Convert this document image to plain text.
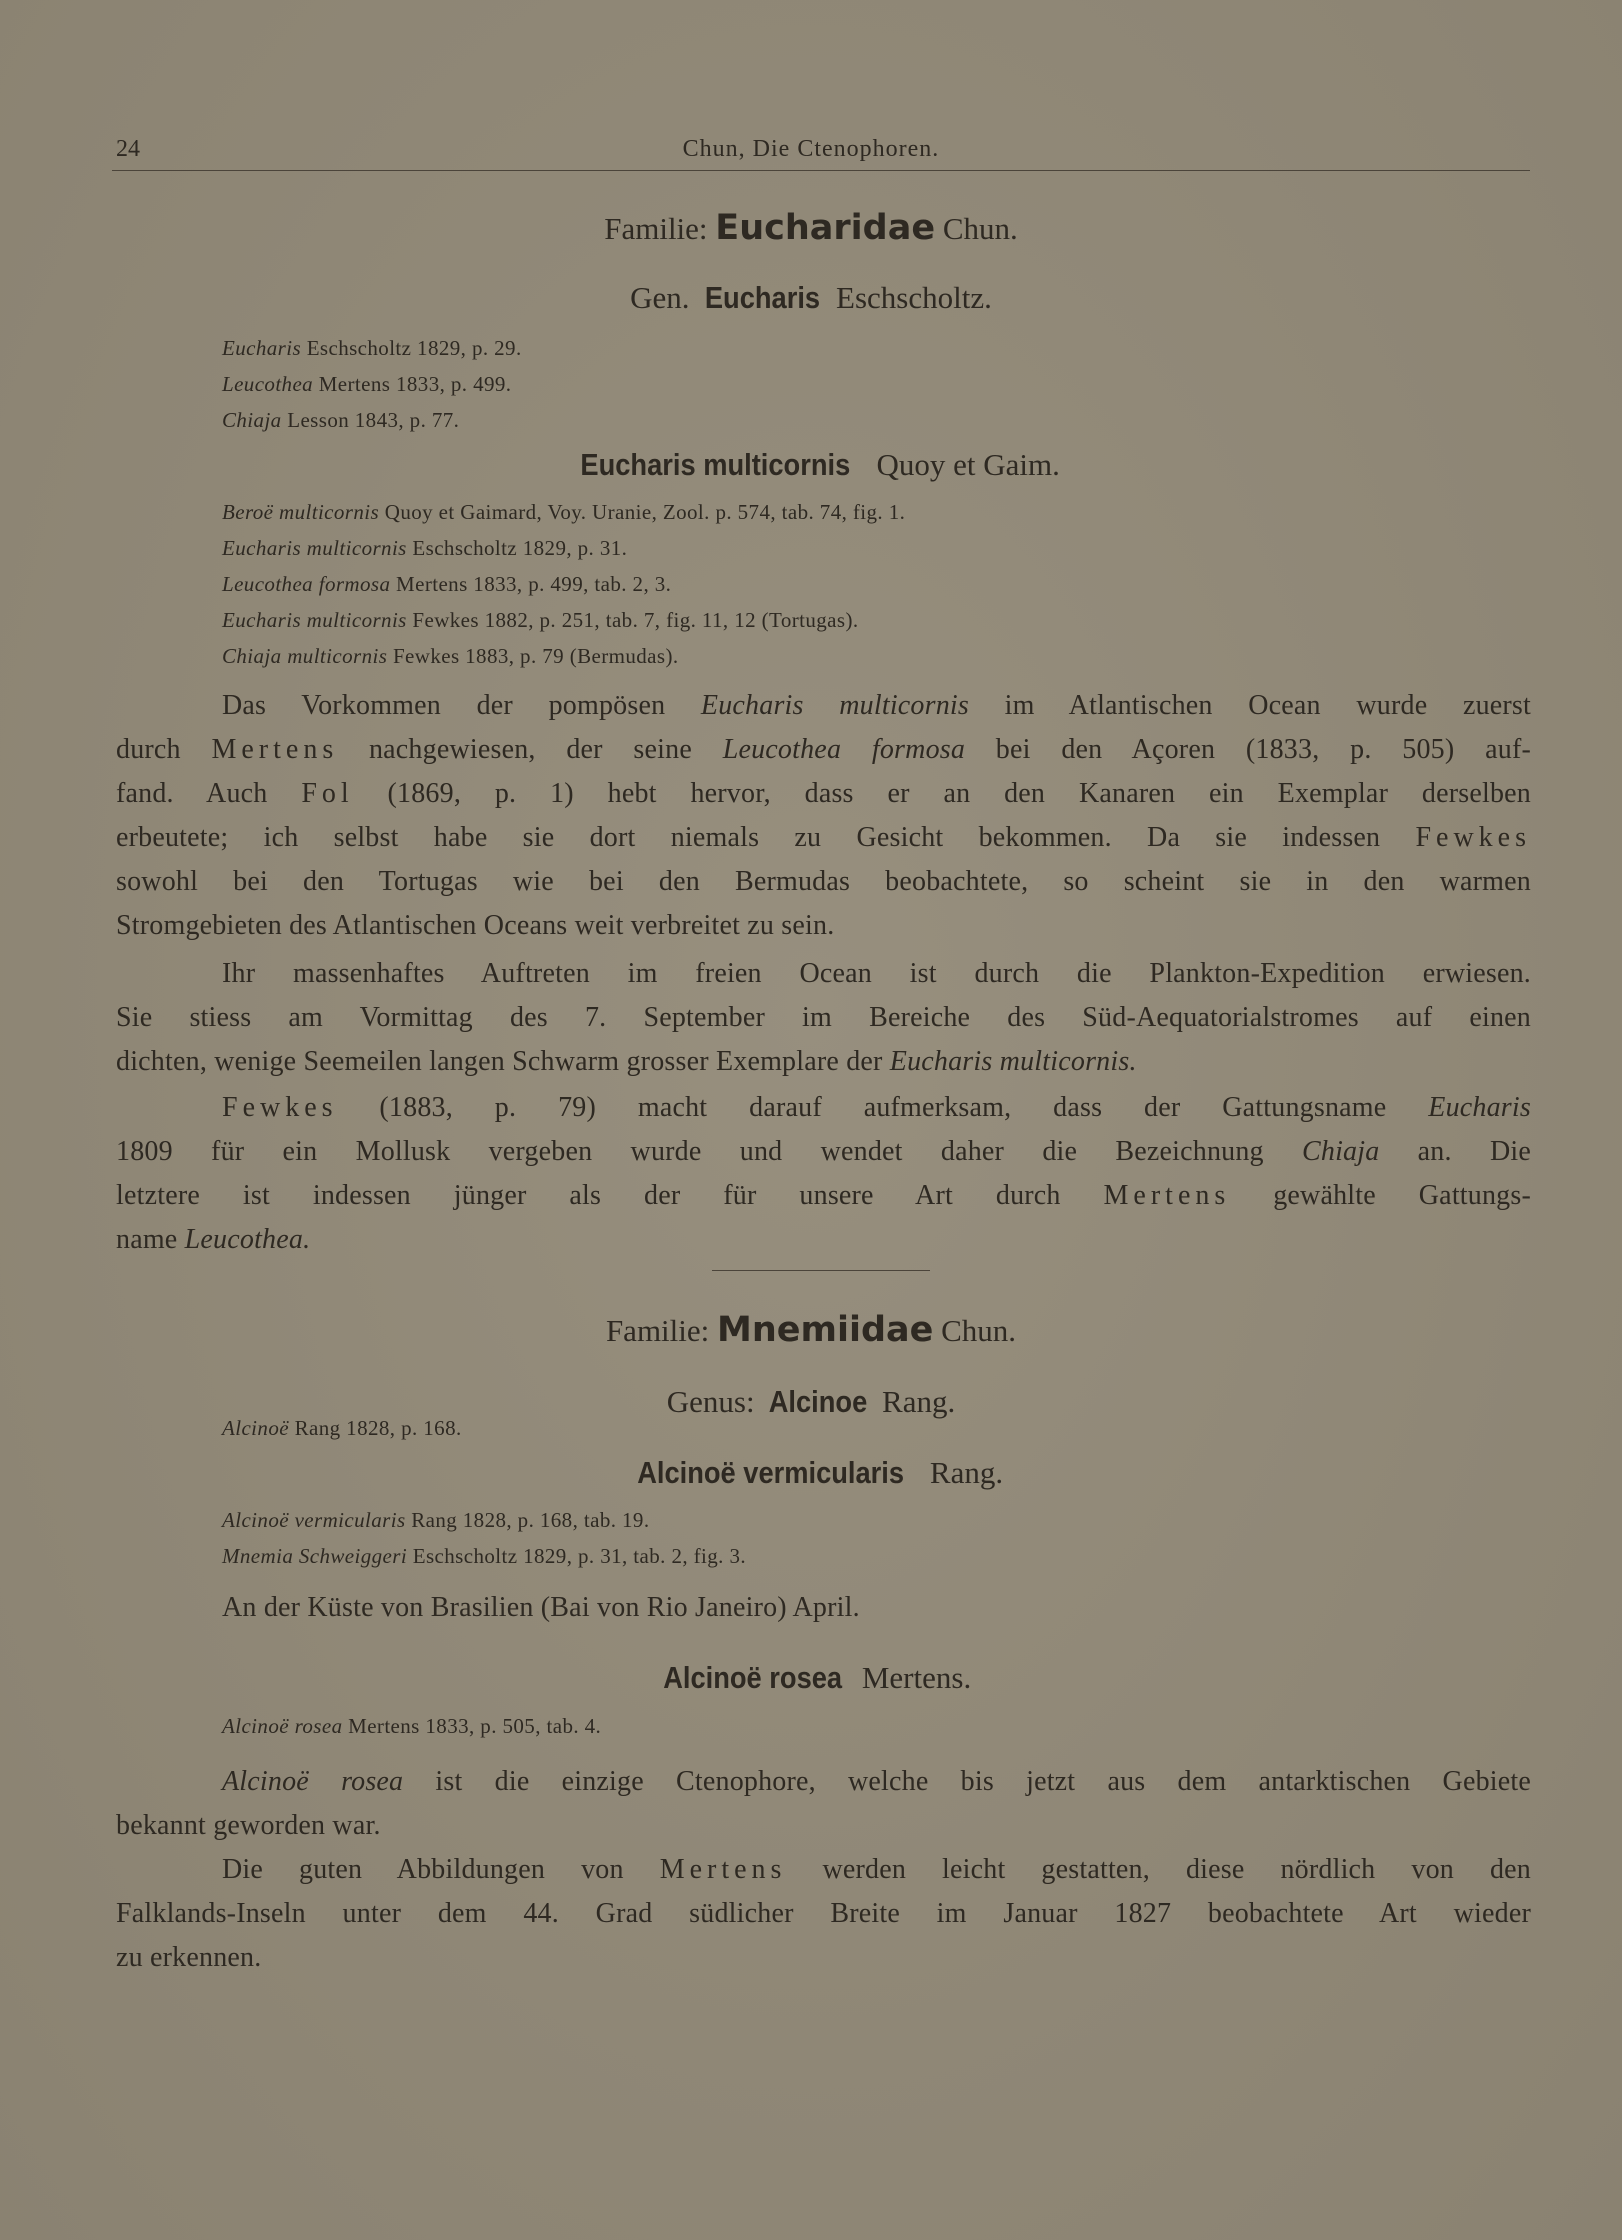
24	Chun, Die Ctenophoren.
Familie: Eucharidae Chun.
Gen. Eucharis Eschscholtz.
Eucharis Eschscholtz 1829, p. 29.
Leucothea Mertens 1833, p. 499.
Chiaja Lesson 1843, p. 77.
Eucharis multicornis Quoy et Gaim.
Beroë multicornis Quoy et Gaimard, Voy. Uranie, Zool. p. 574, tab. 74, fig. 1.
Eucharis multicornis Eschscholtz 1829, p. 31.
Leucothea formosa Mertens 1833, p. 499, tab. 2, 3.
Eucharis multicornis Fewkes 1882, p. 251, tab. 7, fig. 11, 12 (Tortugas).
Chiaja multicornis Fewkes 1883, p. 79 (Bermudas).
Das Vorkommen der pompösen Eucharis multicornis im Atlantischen Ocean wurde zuerst
durch Mertens nachgewiesen, der seine Leucothea formosa bei den Açoren (1833, p. 505) auf-
fand. Auch Fol (1869, p. 1) hebt hervor, dass er an den Kanaren ein Exemplar derselben
erbeutete; ich selbst habe sie dort niemals zu Gesicht bekommen. Da sie indessen Fewkes
sowohl bei den Tortugas wie bei den Bermudas beobachtete, so scheint sie in den warmen
Stromgebieten des Atlantischen Oceans weit verbreitet zu sein.
Ihr massenhaftes Auftreten im freien Ocean ist durch die Plankton-Expedition erwiesen.
Sie stiess am Vormittag des 7. September im Bereiche des Süd-Aequatorialstromes auf einen
dichten, wenige Seemeilen langen Schwarm grosser Exemplare der Eucharis multicornis.
Fewkes (1883, p. 79) macht darauf aufmerksam, dass der Gattungsname Eucharis
1809 für ein Mollusk vergeben wurde und wendet daher die Bezeichnung Chiaja an. Die
letztere ist indessen jünger als der für unsere Art durch Mertens gewählte Gattungs-
name Leucothea.
Familie: Mnemiidae Chun.
Genus: Alcinoe Rang.
Alcinoë Rang 1828, p. 168.
Alcinoë vermicularis Rang.
Alcinoë vermicularis Rang 1828, p. 168, tab. 19.
Mnemia Schweiggeri Eschscholtz 1829, p. 31, tab. 2, fig. 3.
An der Küste von Brasilien (Bai von Rio Janeiro) April.
Alcinoë rosea Mertens.
Alcinoë rosea Mertens 1833, p. 505, tab. 4.
Alcinoë rosea ist die einzige Ctenophore, welche bis jetzt aus dem antarktischen Gebiete
bekannt geworden war.
Die guten Abbildungen von Mertens werden leicht gestatten, diese nördlich von den
Falklands-Inseln unter dem 44. Grad südlicher Breite im Januar 1827 beobachtete Art wieder
zu erkennen.
